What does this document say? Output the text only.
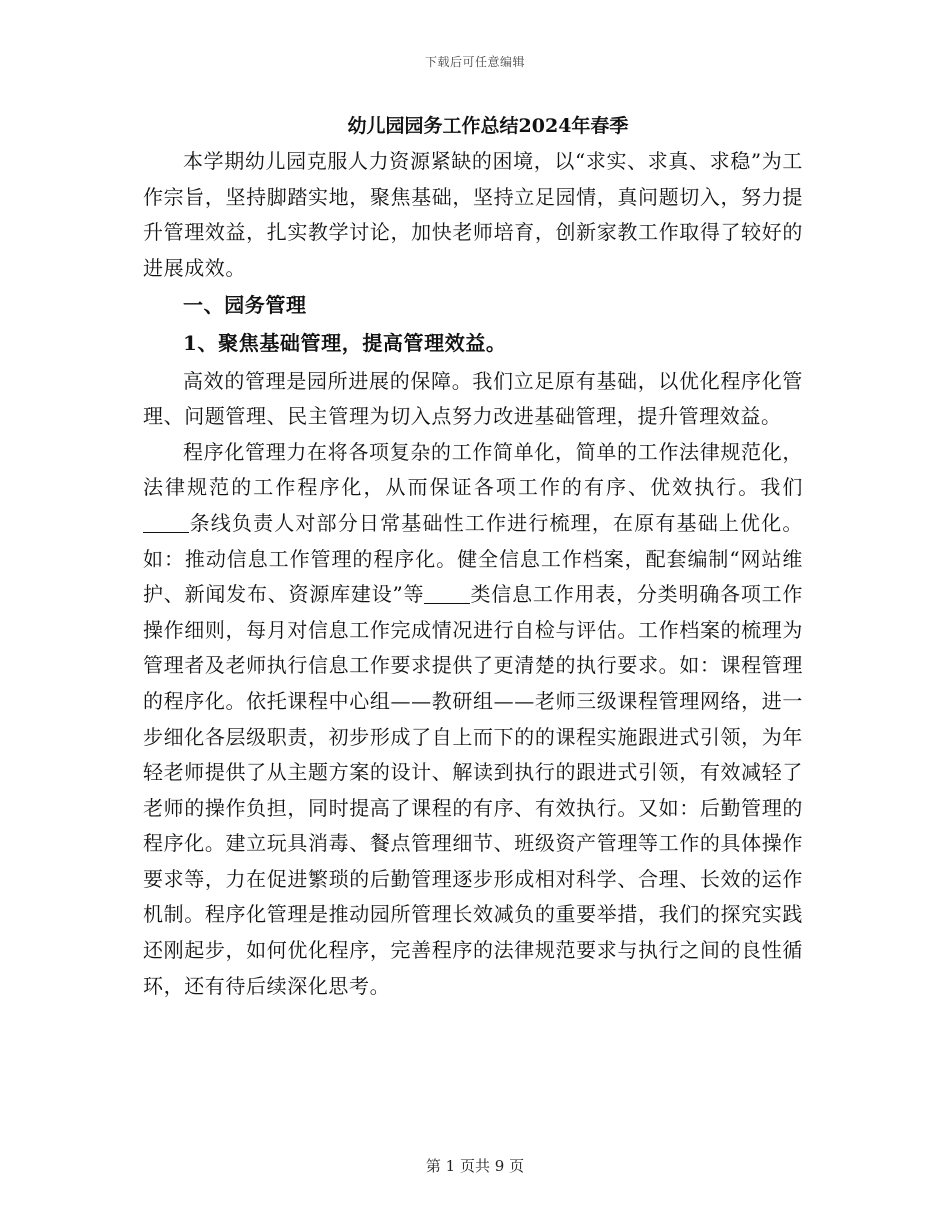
下载后可任意编辑
幼儿园园务工作总结2024年春季

本学期幼儿园克服人力资源紧缺的困境，以“求实、求真、求稳”为工作宗旨，坚持脚踏实地，聚焦基础，坚持立足园情，真问题切入，努力提升管理效益，扎实教学讨论，加快老师培育，创新家教工作取得了较好的进展成效。

一、园务管理

1、聚焦基础管理，提高管理效益。

高效的管理是园所进展的保障。我们立足原有基础，以优化程序化管理、问题管理、民主管理为切入点努力改进基础管理，提升管理效益。

程序化管理力在将各项复杂的工作简单化，简单的工作法律规范化，法律规范的工作程序化，从而保证各项工作的有序、优效执行。我们条线负责人对部分日常基础性工作进行梳理，在原有基础上优化。如：推动信息工作管理的程序化。健全信息工作档案，配套编制“网站维护、新闻发布、资源库建设”等 类信息工作用表，分类明确各项工作操作细则，每月对信息工作完成情况进行自检与评估。工作档案的梳理为管理者及老师执行信息工作要求提供了更清楚的执行要求。如：课程管理的程序化。依托课程中心组——教研组——老师三级课程管理网络，进一步细化各层级职责，初步形成了自上而下的的课程实施跟进式引领，为年轻老师提供了从主题方案的设计、解读到执行的跟进式引领，有效减轻了老师的操作负担，同时提高了课程的有序、有效执行。又如：后勤管理的程序化。建立玩具消毒、餐点管理细节、班级资产管理等工作的具体操作要求等，力在促进繁琐的后勤管理逐步形成相对科学、合理、长效的运作机制。程序化管理是推动园所管理长效减负的重要举措，我们的探究实践还刚起步，如何优化程序，完善程序的法律规范要求与执行之间的良性循环，还有待后续深化思考。

第 1 页共 9 页
